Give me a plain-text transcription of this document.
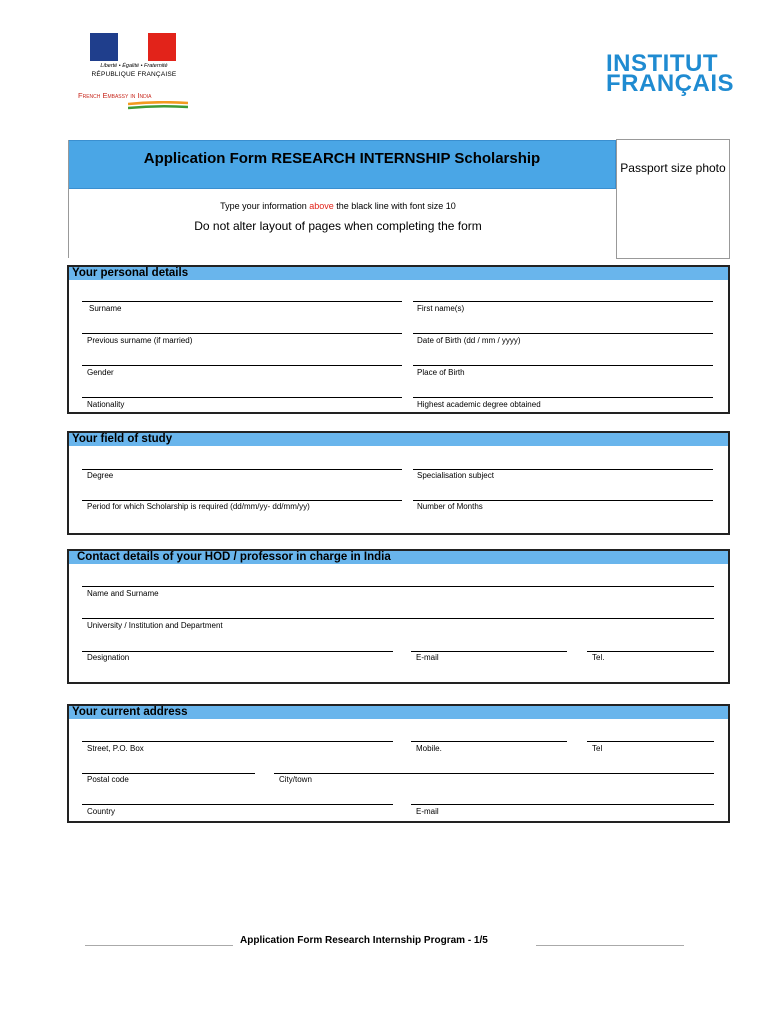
Liberté • Égalité • Fraternité
RÉPUBLIQUE FRANÇAISE
French Embassy in India
INSTITUT
FRANÇAIS
Application Form RESEARCH INTERNSHIP Scholarship
Type your information above the black line with font size 10
Do not alter layout of pages when completing the form
Passport size photo
Your personal details
Surname	First name(s)
Previous surname (if married)	Date of Birth (dd / mm / yyyy)
Gender	Place of Birth
Nationality	Highest academic degree obtained
Your field of study
Degree	Specialisation subject
Period for which Scholarship is required (dd/mm/yy- dd/mm/yy)	Number of Months
Contact details of your HOD / professor in charge in India
Name and Surname
University / Institution and Department
Designation	E-mail	Tel.
Your current address
Street, P.O. Box	Mobile.	Tel
Postal code	City/town
Country	E-mail
Application Form Research Internship Program - 1/5
